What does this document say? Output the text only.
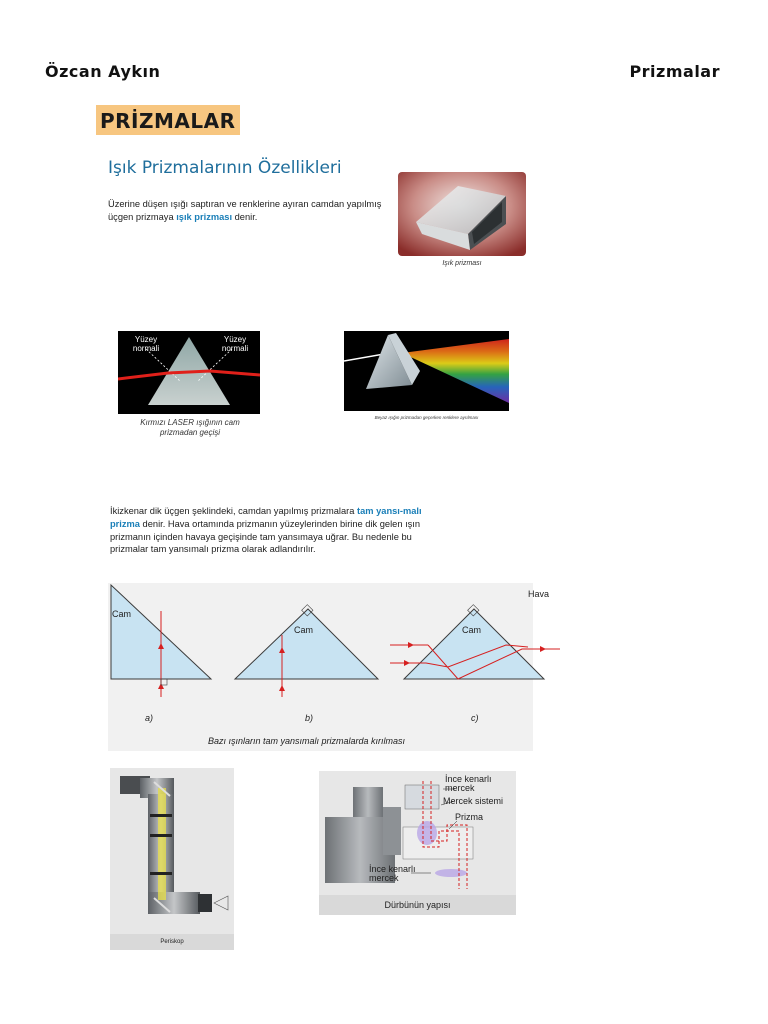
Özcan Aykın	Prizmalar
PRİZMALAR
Işık Prizmalarının Özellikleri
Üzerine düşen ışığı saptıran ve renklerine ayıran camdan yapılmış üçgen prizmaya ışık prizması denir.
Işık prizması
Yüzey normali
Yüzey normali
Kırmızı LASER ışığının cam prizmadan geçişi
Beyaz ışığın prizmadan geçerken renklere ayrılması
İkizkenar dik üçgen şeklindeki, camdan yapılmış prizmalara tam yansı-malı prizma denir. Hava ortamında prizmanın yüzeylerinden birine dik gelen ışın prizmanın içinden havaya geçişinde tam yansımaya uğrar. Bu nedenle bu prizmalar tam yansımalı prizma olarak adlandırılır.
Hava
Cam
Cam	Cam
a)	b)	c)
Bazı ışınların tam yansımalı prizmalarda kırılması
Periskop
İnce kenarlı mercek
Mercek sistemi
Prizma
İnce kenarlı mercek
Dürbünün yapısı
